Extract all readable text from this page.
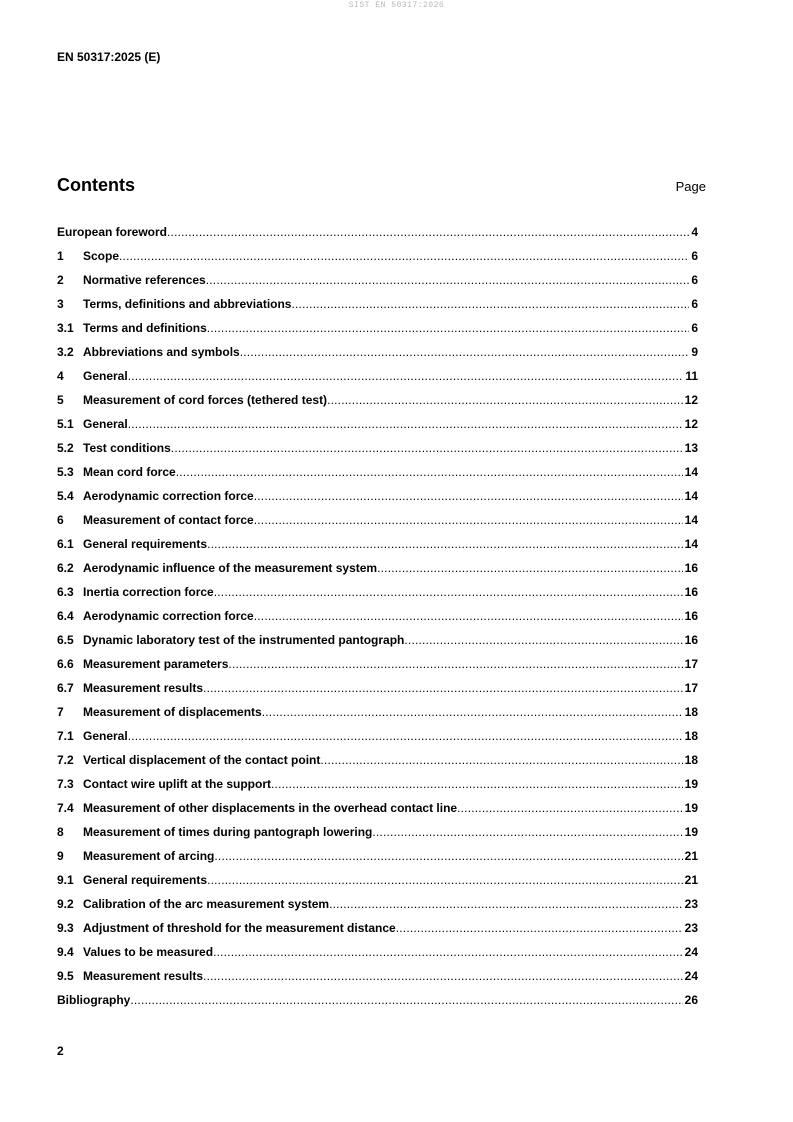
SIST EN 50317:2026
EN 50317:2025 (E)
Contents	Page
European foreword .....	4
1	Scope .....	6
2	Normative references .....	6
3	Terms, definitions and abbreviations .....	6
3.1 Terms and definitions .....	6
3.2 Abbreviations and symbols .....	9
4	General .....	11
5	Measurement of cord forces (tethered test) .....	12
5.1 General .....	12
5.2 Test conditions .....	13
5.3 Mean cord force .....	14
5.4 Aerodynamic correction force .....	14
6	Measurement of contact force .....	14
6.1 General requirements .....	14
6.2 Aerodynamic influence of the measurement system .....	16
6.3 Inertia correction force .....	16
6.4 Aerodynamic correction force .....	16
6.5 Dynamic laboratory test of the instrumented pantograph .....	16
6.6 Measurement parameters .....	17
6.7 Measurement results .....	17
7	Measurement of displacements .....	18
7.1 General .....	18
7.2 Vertical displacement of the contact point .....	18
7.3 Contact wire uplift at the support .....	19
7.4 Measurement of other displacements in the overhead contact line .....	19
8	Measurement of times during pantograph lowering .....	19
9	Measurement of arcing .....	21
9.1 General requirements .....	21
9.2 Calibration of the arc measurement system .....	23
9.3 Adjustment of threshold for the measurement distance .....	23
9.4 Values to be measured .....	24
9.5 Measurement results .....	24
Bibliography .....	26
2
